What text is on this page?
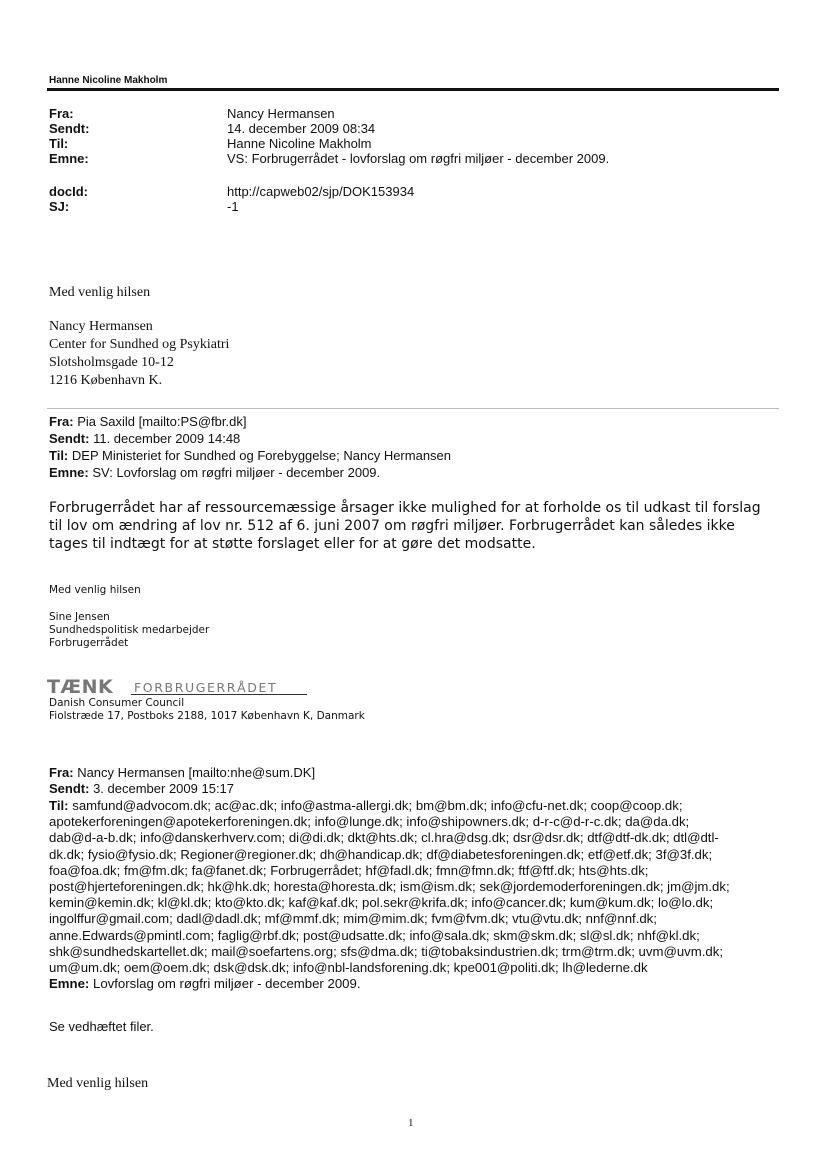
Hanne Nicoline Makholm
Fra:	Nancy Hermansen
Sendt:	14. december 2009 08:34
Til:	Hanne Nicoline Makholm
Emne:	VS: Forbrugerrådet - lovforslag om røgfri miljøer - december 2009.
docId:	http://capweb02/sjp/DOK153934
SJ:	-1
Med venlig hilsen
Nancy Hermansen
Center for Sundhed og Psykiatri
Slotsholmsgade 10-12
1216 København K.
Fra: Pia Saxild [mailto:PS@fbr.dk]
Sendt: 11. december 2009 14:48
Til: DEP Ministeriet for Sundhed og Forebyggelse; Nancy Hermansen
Emne: SV: Lovforslag om røgfri miljøer - december 2009.
Forbrugerrådet har af ressourcemæssige årsager ikke mulighed for at forholde os til udkast til forslag
til lov om ændring af lov nr. 512 af 6. juni 2007 om røgfri miljøer. Forbrugerrådet kan således ikke
tages til indtægt for at støtte forslaget eller for at gøre det modsatte.
Med venlig hilsen
Sine Jensen
Sundhedspolitisk medarbejder
Forbrugerrådet
TÆNK FORBRUGERRÅDET
Danish Consumer Council
Fiolstræde 17, Postboks 2188, 1017 København K, Danmark
Fra: Nancy Hermansen [mailto:nhe@sum.DK]
Sendt: 3. december 2009 15:17
Til: samfund@advocom.dk; ac@ac.dk; info@astma-allergi.dk; bm@bm.dk; info@cfu-net.dk; coop@coop.dk;
apotekerforeningen@apotekerforeningen.dk; info@lunge.dk; info@shipowners.dk; d-r-c@d-r-c.dk; da@da.dk;
dab@d-a-b.dk; info@danskerhverv.com; di@di.dk; dkt@hts.dk; cl.hra@dsg.dk; dsr@dsr.dk; dtf@dtf-dk.dk; dtl@dtl-
dk.dk; fysio@fysio.dk; Regioner@regioner.dk; dh@handicap.dk; df@diabetesforeningen.dk; etf@etf.dk; 3f@3f.dk;
foa@foa.dk; fm@fm.dk; fa@fanet.dk; Forbrugerrådet; hf@fadl.dk; fmn@fmn.dk; ftf@ftf.dk; hts@hts.dk;
post@hjerteforeningen.dk; hk@hk.dk; horesta@horesta.dk; ism@ism.dk; sek@jordemoderforeningen.dk; jm@jm.dk;
kemin@kemin.dk; kl@kl.dk; kto@kto.dk; kaf@kaf.dk; pol.sekr@krifa.dk; info@cancer.dk; kum@kum.dk; lo@lo.dk;
ingolffur@gmail.com; dadl@dadl.dk; mf@mmf.dk; mim@mim.dk; fvm@fvm.dk; vtu@vtu.dk; nnf@nnf.dk;
anne.Edwards@pmintl.com; faglig@rbf.dk; post@udsatte.dk; info@sala.dk; skm@skm.dk; sl@sl.dk; nhf@kl.dk;
shk@sundhedskartellet.dk; mail@soefartens.org; sfs@dma.dk; ti@tobaksindustrien.dk; trm@trm.dk; uvm@uvm.dk;
um@um.dk; oem@oem.dk; dsk@dsk.dk; info@nbl-landsforening.dk; kpe001@politi.dk; lh@lederne.dk
Emne: Lovforslag om røgfri miljøer - december 2009.
Se vedhæftet filer.
Med venlig hilsen
1
